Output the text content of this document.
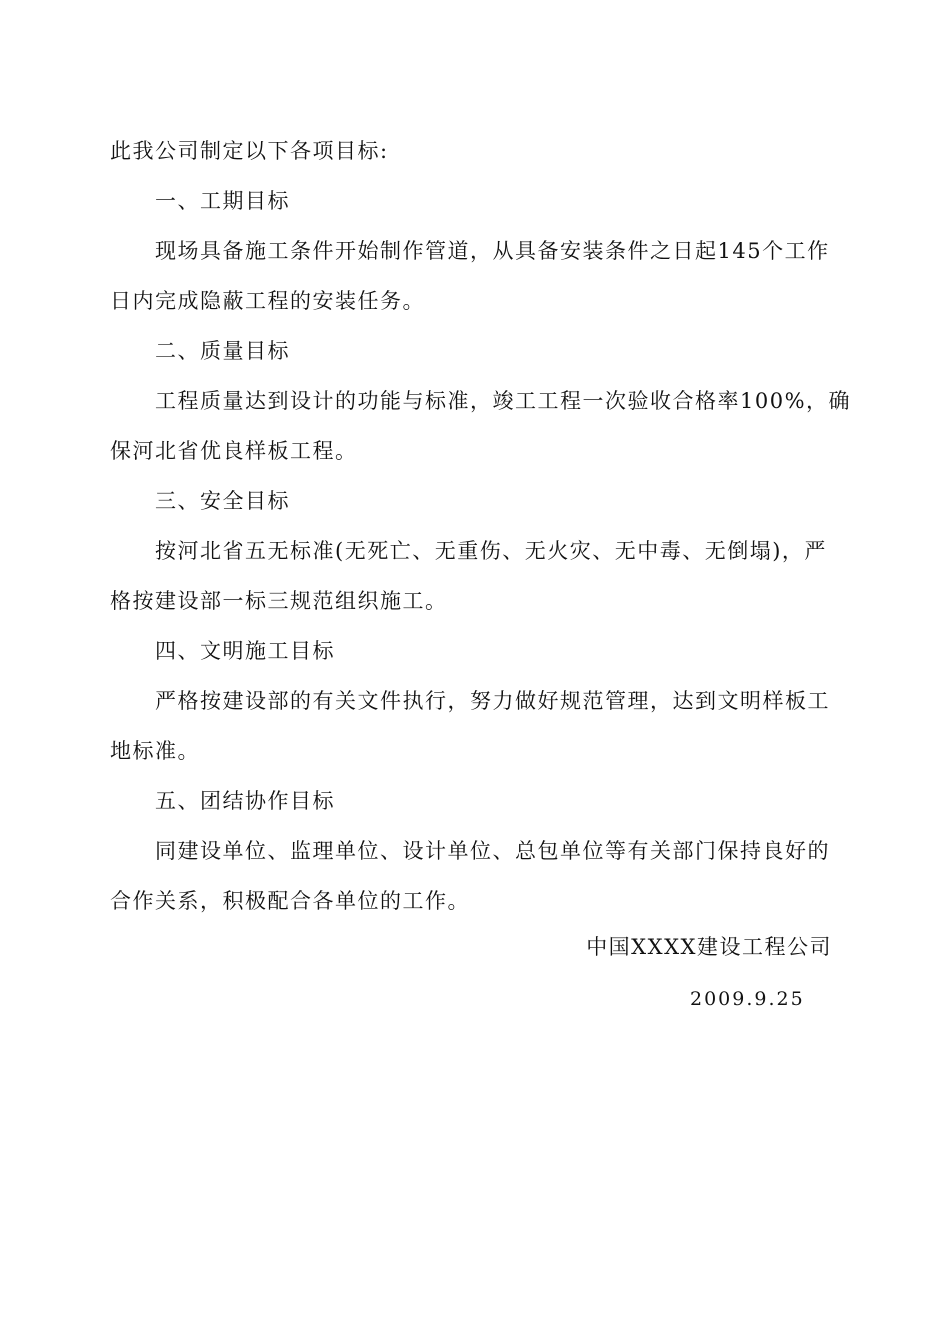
此我公司制定以下各项目标:
一、工期目标
现场具备施工条件开始制作管道，从具备安装条件之日起145个工作
日内完成隐蔽工程的安装任务。
二、质量目标
工程质量达到设计的功能与标准，竣工工程一次验收合格率100%，确
保河北省优良样板工程。
三、安全目标
按河北省五无标准(无死亡、无重伤、无火灾、无中毒、无倒塌)，严
格按建设部一标三规范组织施工。
四、文明施工目标
严格按建设部的有关文件执行，努力做好规范管理，达到文明样板工
地标准。
五、团结协作目标
同建设单位、监理单位、设计单位、总包单位等有关部门保持良好的
合作关系，积极配合各单位的工作。
中国XXXX建设工程公司
2009.9.25
